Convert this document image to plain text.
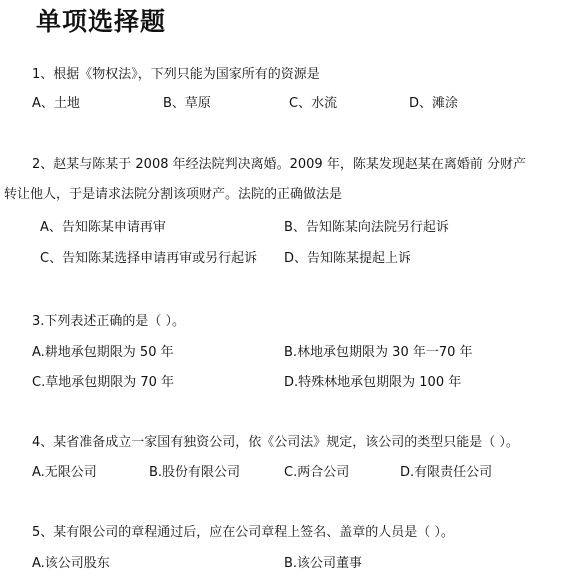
单项选择题
1、根据《物权法》，下列只能为国家所有的资源是
A、土地	B、草原	C、水流	D、滩涂
2、赵某与陈某于 2008 年经法院判决离婚。2009 年，陈某发现赵某在离婚前 分财产
转让他人，于是请求法院分割该项财产。法院的正确做法是
A、告知陈某申请再审	B、告知陈某向法院另行起诉
C、告知陈某选择申请再审或另行起诉 D、告知陈某提起上诉
3.下列表述正确的是（ ）。
A.耕地承包期限为 50 年	B.林地承包期限为 30 年一70 年
C.草地承包期限为 70 年	D.特殊林地承包期限为 100 年
4、某省准备成立一家国有独资公司，依《公司法》规定，该公司的类型只能是（ ）。
A.无限公司	B.股份有限公司	C.两合公司	D.有限责任公司
5、某有限公司的章程通过后，应在公司章程上签名、盖章的人员是（ ）。
A.该公司股东	B.该公司董事
